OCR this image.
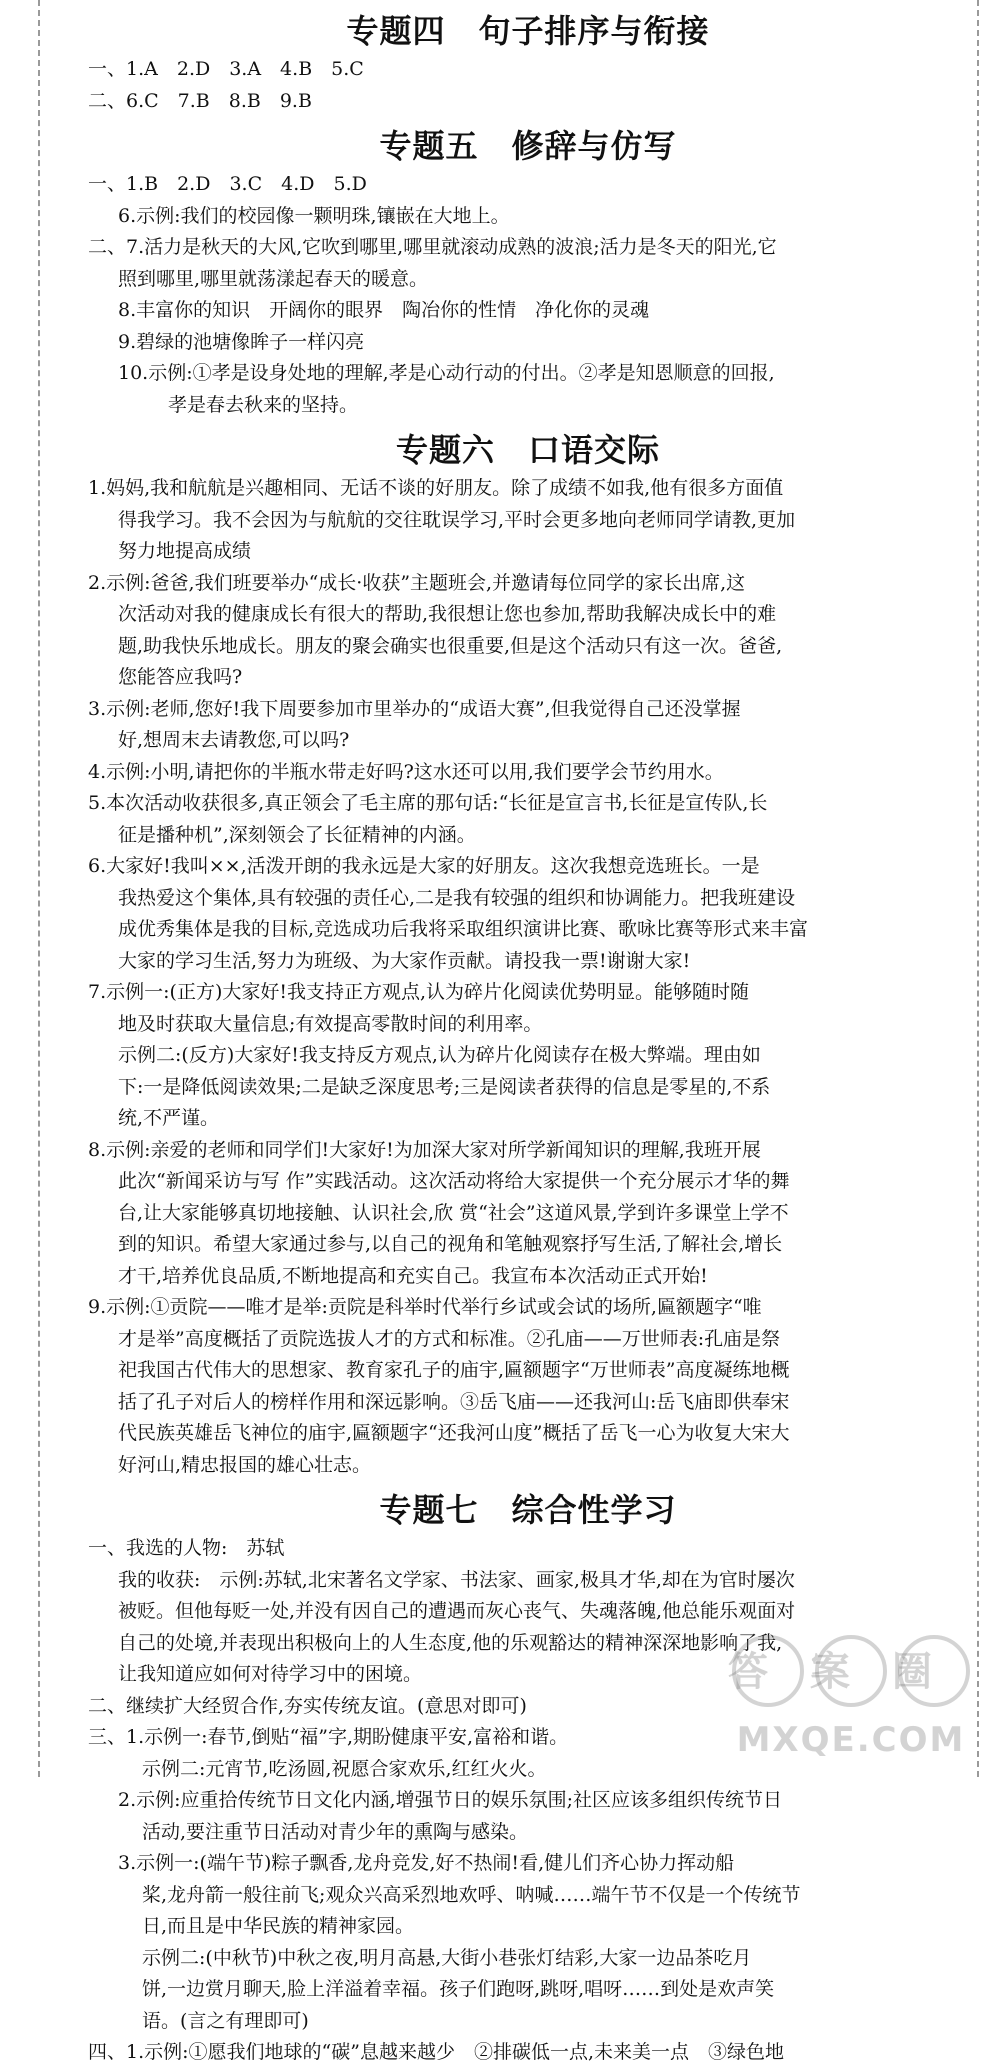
专题四　句子排序与衔接

一、1.A　2.D　3.A　4.B　5.C

二、6.C　7.B　8.B　9.B

专题五　修辞与仿写

一、1.B　2.D　3.C　4.D　5.D

6.示例:我们的校园像一颗明珠,镶嵌在大地上。

二、7.活力是秋天的大风,它吹到哪里,哪里就滚动成熟的波浪;活力是冬天的阳光,它

照到哪里,哪里就荡漾起春天的暖意。

8.丰富你的知识　开阔你的眼界　陶冶你的性情　净化你的灵魂

9.碧绿的池塘像眸子一样闪亮

10.示例:①孝是设身处地的理解,孝是心动行动的付出。②孝是知恩顺意的回报,

孝是春去秋来的坚持。

专题六　口语交际

1.妈妈,我和航航是兴趣相同、无话不谈的好朋友。除了成绩不如我,他有很多方面值

得我学习。我不会因为与航航的交往耽误学习,平时会更多地向老师同学请教,更加

努力地提高成绩

2.示例:爸爸,我们班要举办“成长·收获”主题班会,并邀请每位同学的家长出席,这

次活动对我的健康成长有很大的帮助,我很想让您也参加,帮助我解决成长中的难

题,助我快乐地成长。朋友的聚会确实也很重要,但是这个活动只有这一次。爸爸,

您能答应我吗?

3.示例:老师,您好!我下周要参加市里举办的“成语大赛”,但我觉得自己还没掌握

好,想周末去请教您,可以吗?

4.示例:小明,请把你的半瓶水带走好吗?这水还可以用,我们要学会节约用水。

5.本次活动收获很多,真正领会了毛主席的那句话:“长征是宣言书,长征是宣传队,长

征是播种机”,深刻领会了长征精神的内涵。

6.大家好!我叫××,活泼开朗的我永远是大家的好朋友。这次我想竞选班长。一是

我热爱这个集体,具有较强的责任心,二是我有较强的组织和协调能力。把我班建设

成优秀集体是我的目标,竞选成功后我将采取组织演讲比赛、歌咏比赛等形式来丰富

大家的学习生活,努力为班级、为大家作贡献。请投我一票!谢谢大家!

7.示例一:(正方)大家好!我支持正方观点,认为碎片化阅读优势明显。能够随时随

地及时获取大量信息;有效提高零散时间的利用率。

示例二:(反方)大家好!我支持反方观点,认为碎片化阅读存在极大弊端。理由如

下:一是降低阅读效果;二是缺乏深度思考;三是阅读者获得的信息是零星的,不系

统,不严谨。

8.示例:亲爱的老师和同学们!大家好!为加深大家对所学新闻知识的理解,我班开展

此次“新闻采访与写 作”实践活动。这次活动将给大家提供一个充分展示才华的舞

台,让大家能够真切地接触、认识社会,欣 赏“社会”这道风景,学到许多课堂上学不

到的知识。希望大家通过参与,以自己的视角和笔触观察抒写生活,了解社会,增长

才干,培养优良品质,不断地提高和充实自己。我宣布本次活动正式开始!

9.示例:①贡院——唯才是举:贡院是科举时代举行乡试或会试的场所,匾额题字“唯

才是举”高度概括了贡院选拔人才的方式和标准。②孔庙——万世师表:孔庙是祭

祀我国古代伟大的思想家、教育家孔子的庙宇,匾额题字“万世师表”高度凝练地概

括了孔子对后人的榜样作用和深远影响。③岳飞庙——还我河山:岳飞庙即供奉宋

代民族英雄岳飞神位的庙宇,匾额题字“还我河山度”概括了岳飞一心为收复大宋大

好河山,精忠报国的雄心壮志。

专题七　综合性学习

一、我选的人物:　苏轼

我的收获:　示例:苏轼,北宋著名文学家、书法家、画家,极具才华,却在为官时屡次

被贬。但他每贬一处,并没有因自己的遭遇而灰心丧气、失魂落魄,他总能乐观面对

自己的处境,并表现出积极向上的人生态度,他的乐观豁达的精神深深地影响了我,

让我知道应如何对待学习中的困境。

二、继续扩大经贸合作,夯实传统友谊。(意思对即可)

三、1.示例一:春节,倒贴“福”字,期盼健康平安,富裕和谐。

示例二:元宵节,吃汤圆,祝愿合家欢乐,红红火火。

2.示例:应重拾传统节日文化内涵,增强节日的娱乐氛围;社区应该多组织传统节日

活动,要注重节日活动对青少年的熏陶与感染。

3.示例一:(端午节)粽子飘香,龙舟竞发,好不热闹!看,健儿们齐心协力挥动船

桨,龙舟箭一般往前飞;观众兴高采烈地欢呼、呐喊……端午节不仅是一个传统节

日,而且是中华民族的精神家园。

示例二:(中秋节)中秋之夜,明月高悬,大街小巷张灯结彩,大家一边品茶吃月

饼,一边赏月聊天,脸上洋溢着幸福。孩子们跑呀,跳呀,唱呀……到处是欢声笑

语。(言之有理即可)

四、1.示例:①愿我们地球的“碳”息越来越少　②排碳低一点,未来美一点　③绿色地

答案圈
MXQE.COM
